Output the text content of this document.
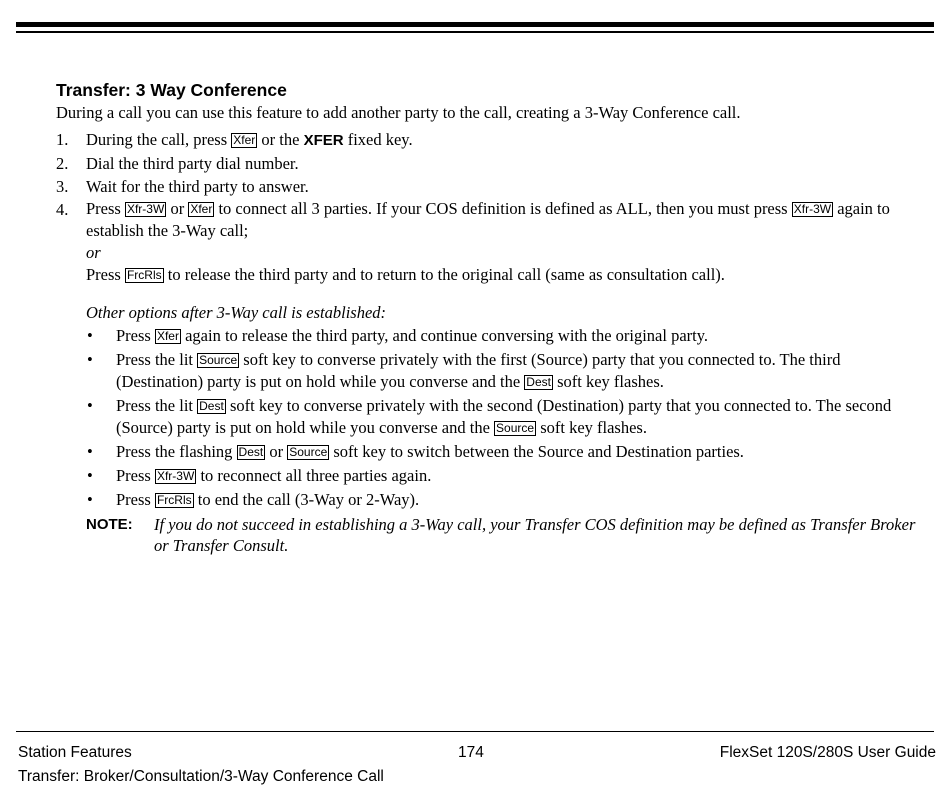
Transfer: 3 Way Conference

During a call you can use this feature to add another party to the call, creating a 3-Way Conference call.

1. During the call, press Xfer or the XFER fixed key.
2. Dial the third party dial number.
3. Wait for the third party to answer.
4. Press Xfr-3W or Xfer to connect all 3 parties. If your COS definition is defined as ALL, then you must press Xfr-3W again to establish the 3-Way call;
or
Press FrcRls to release the third party and to return to the original call (same as consultation call).
Other options after 3-Way call is established:
• Press Xfer again to release the third party, and continue conversing with the original party.
• Press the lit Source soft key to converse privately with the first (Source) party that you connected to. The third (Destination) party is put on hold while you converse and the Dest soft key flashes.
• Press the lit Dest soft key to converse privately with the second (Destination) party that you connected to. The second (Source) party is put on hold while you converse and the Source soft key flashes.
• Press the flashing Dest or Source soft key to switch between the Source and Destination parties.
• Press Xfr-3W to reconnect all three parties again.
• Press FrcRls to end the call (3-Way or 2-Way).
NOTE: If you do not succeed in establishing a 3-Way call, your Transfer COS definition may be defined as Transfer Broker or Transfer Consult.
Station Features	174	FlexSet 120S/280S User Guide
Transfer: Broker/Consultation/3-Way Conference Call
